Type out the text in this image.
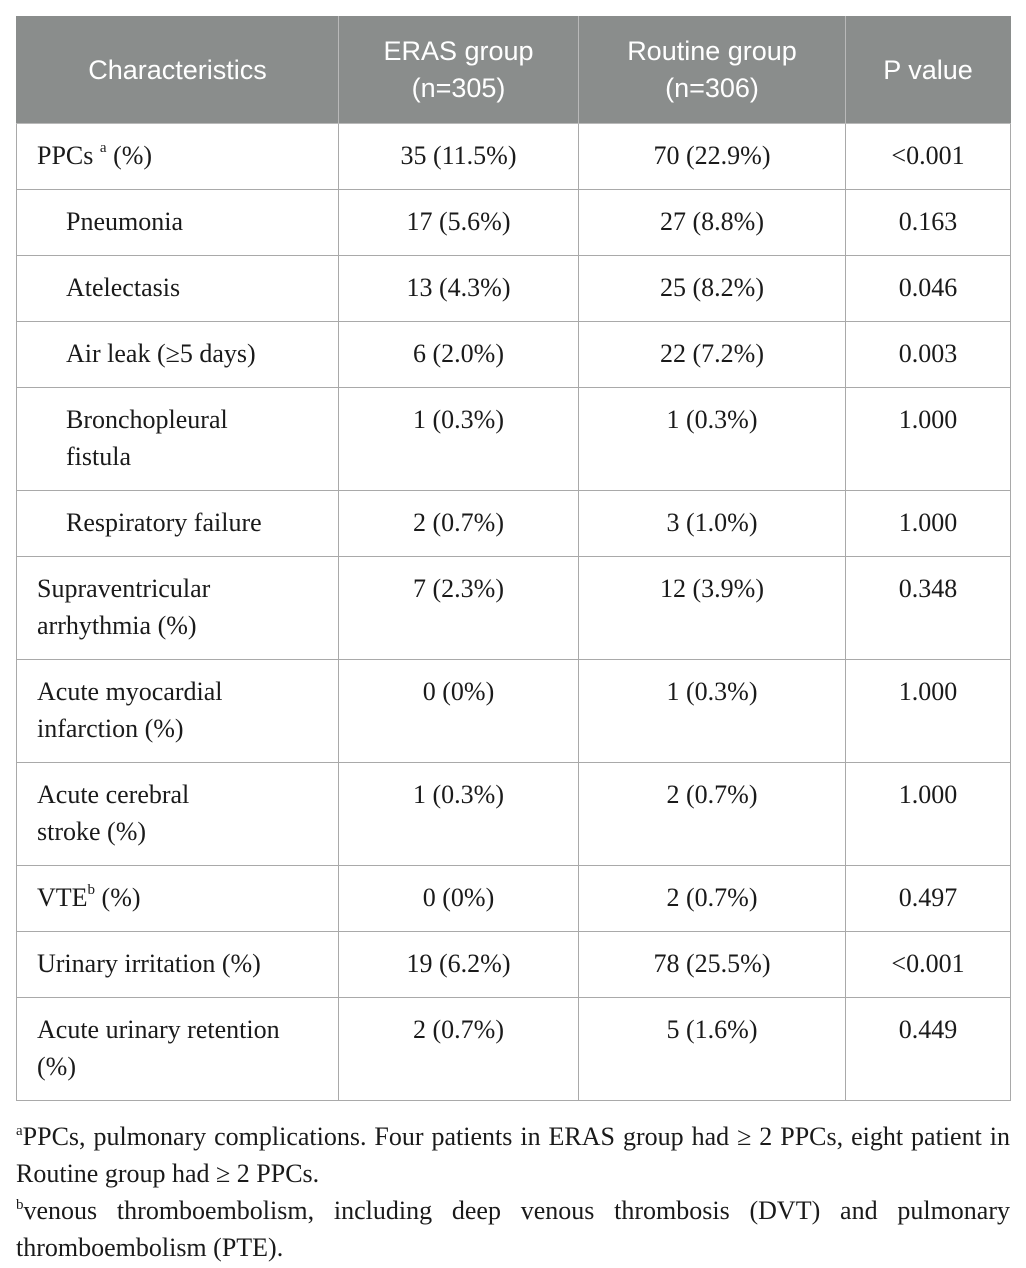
Characteristics	ERAS group (n=305)	Routine group (n=306)	P value
PPCs $^a$ (%)	35 (11.5%)	70 (22.9%)	<0.001
Pneumonia	17 (5.6%)	27 (8.8%)	0.163
Atelectasis	13 (4.3%)	25 (8.2%)	0.046
Air leak (≥5 days)	6 (2.0%)	22 (7.2%)	0.003
Bronchopleural fistula	1 (0.3%)	1 (0.3%)	1.000
Respiratory failure	2 (0.7%)	3 (1.0%)	1.000
Supraventricular arrhythmia (%)	7 (2.3%)	12 (3.9%)	0.348
Acute myocardial infarction (%)	0 (0%)	1 (0.3%)	1.000
Acute cerebral stroke (%)	1 (0.3%)	2 (0.7%)	1.000
VTE$^b$ (%)	0 (0%)	2 (0.7%)	0.497
Urinary irritation (%)	19 (6.2%)	78 (25.5%)	<0.001
Acute urinary retention (%)	2 (0.7%)	5 (1.6%)	0.449

$^a$PPCs, pulmonary complications. Four patients in ERAS group had ≥ 2 PPCs, eight patient in Routine group had ≥ 2 PPCs.

$^b$venous thromboembolism, including deep venous thrombosis (DVT) and pulmonary thromboembolism (PTE).
